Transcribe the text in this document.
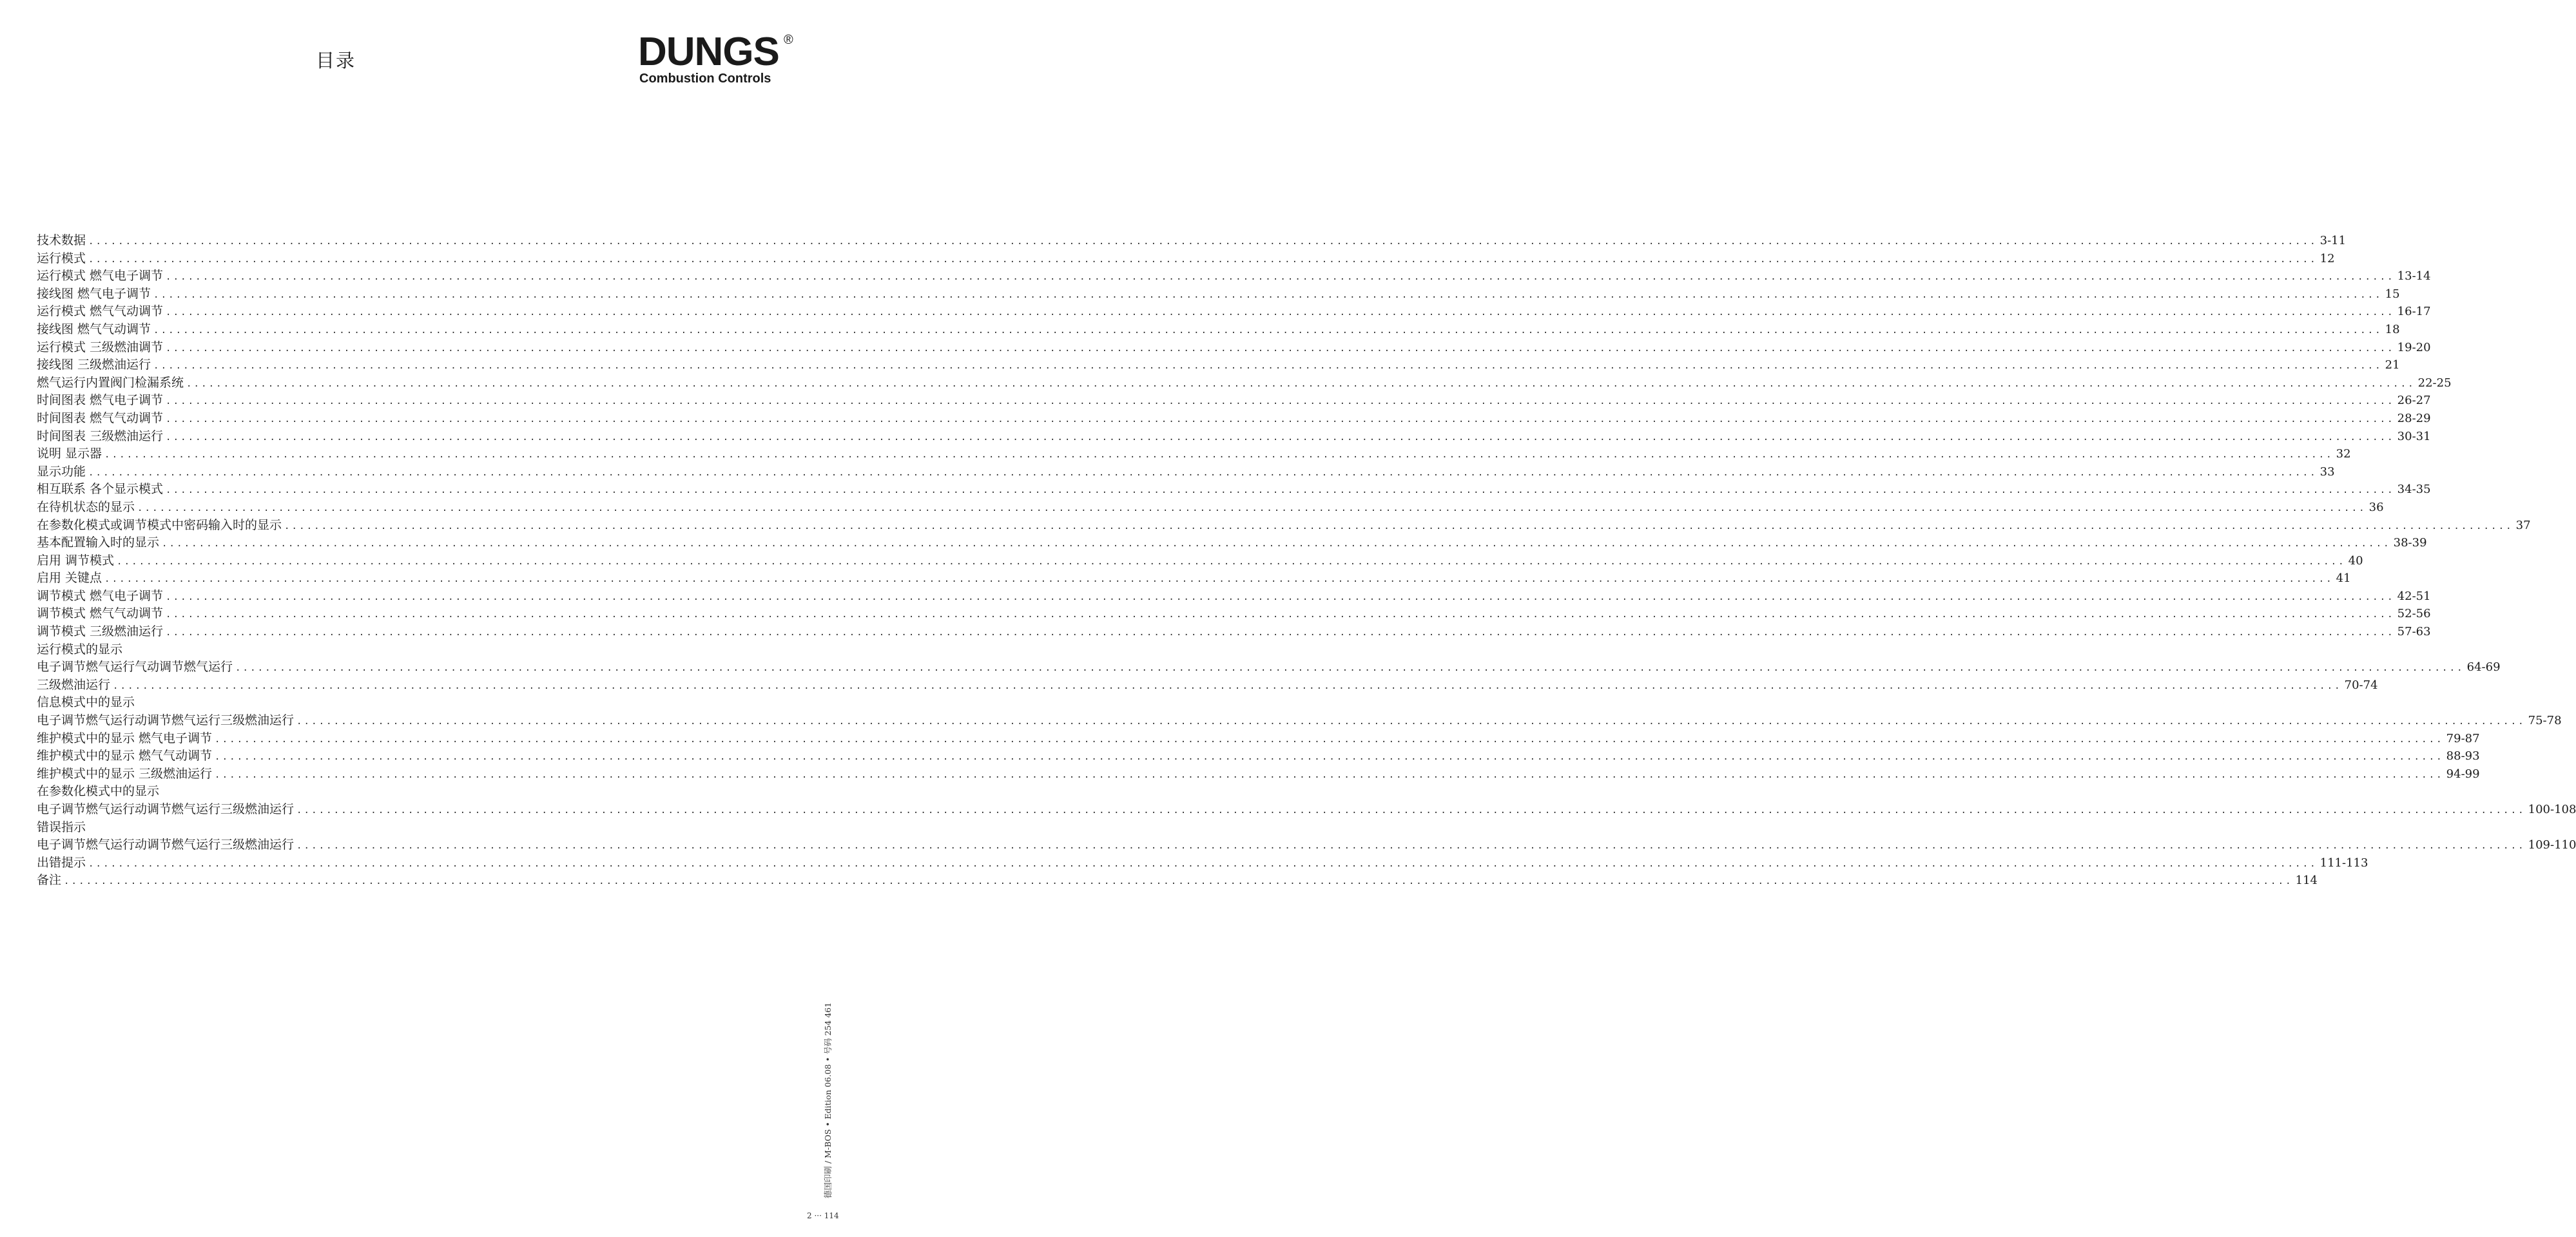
目录	DUNGS ®
Combustion Controls
技术数据 ............................................................................................................................................................................................................................................................................................................ 3-11
运行模式 ............................................................................................................................................................................................................................................................................................................ 12
运行模式 燃气电子调节 ............................................................................................................................................................................................................................................................................................................ 13-14
接线图 燃气电子调节 ............................................................................................................................................................................................................................................................................................................ 15
运行模式 燃气气动调节 ............................................................................................................................................................................................................................................................................................................ 16-17
接线图 燃气气动调节 ............................................................................................................................................................................................................................................................................................................ 18
运行模式 三级燃油调节 ............................................................................................................................................................................................................................................................................................................ 19-20
接线图 三级燃油运行 ............................................................................................................................................................................................................................................................................................................ 21
燃气运行内置阀门检漏系统 ............................................................................................................................................................................................................................................................................................................ 22-25
时间图表 燃气电子调节 ............................................................................................................................................................................................................................................................................................................ 26-27
时间图表 燃气气动调节 ............................................................................................................................................................................................................................................................................................................ 28-29
时间图表 三级燃油运行 ............................................................................................................................................................................................................................................................................................................ 30-31
说明 显示器 ............................................................................................................................................................................................................................................................................................................ 32
显示功能 ............................................................................................................................................................................................................................................................................................................ 33
相互联系 各个显示模式 ............................................................................................................................................................................................................................................................................................................ 34-35
在待机状态的显示 ............................................................................................................................................................................................................................................................................................................ 36
在参数化模式或调节模式中密码输入时的显示 ............................................................................................................................................................................................................................................................................................................ 37
基本配置输入时的显示 ............................................................................................................................................................................................................................................................................................................ 38-39
启用 调节模式 ............................................................................................................................................................................................................................................................................................................ 40
启用 关键点 ............................................................................................................................................................................................................................................................................................................ 41
调节模式 燃气电子调节 ............................................................................................................................................................................................................................................................................................................ 42-51
调节模式 燃气气动调节 ............................................................................................................................................................................................................................................................................................................ 52-56
调节模式 三级燃油运行 ............................................................................................................................................................................................................................................................................................................ 57-63
运行模式的显示
电子调节燃气运行气动调节燃气运行 ............................................................................................................................................................................................................................................................................................................ 64-69
三级燃油运行 ............................................................................................................................................................................................................................................................................................................ 70-74
信息模式中的显示
电子调节燃气运行动调节燃气运行三级燃油运行 ............................................................................................................................................................................................................................................................................................................ 75-78
维护模式中的显示 燃气电子调节 ............................................................................................................................................................................................................................................................................................................ 79-87
维护模式中的显示 燃气气动调节 ............................................................................................................................................................................................................................................................................................................ 88-93
维护模式中的显示 三级燃油运行 ............................................................................................................................................................................................................................................................................................................ 94-99
在参数化模式中的显示
电子调节燃气运行动调节燃气运行三级燃油运行 ............................................................................................................................................................................................................................................................................................................ 100-108
错误指示
电子调节燃气运行动调节燃气运行三级燃油运行 ............................................................................................................................................................................................................................................................................................................ 109-110
出错提示 ............................................................................................................................................................................................................................................................................................................ 111-113
备注 ............................................................................................................................................................................................................................................................................................................ 114
德国印刷 / M-BOS • Edition 06.08 • 号码 254 461
2 ··· 114
